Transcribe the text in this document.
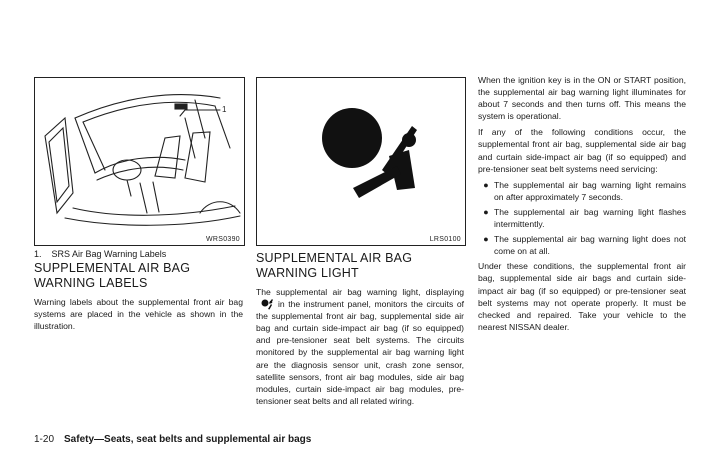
1
WRS0390	LRS0100
1.    SRS Air Bag Warning Labels
SUPPLEMENTAL AIR BAG
WARNING LABELS

Warning labels about the supplemental front air bag systems are placed in the vehicle as shown in the illustration.

SUPPLEMENTAL AIR BAG
WARNING LIGHT

The supplemental air bag warning light, displayingin the instrument panel, monitors the circuits of the supplemental front air bag, supplemental side air bag and curtain side-impact air bag (if so equipped) and pre-tensioner seat belt systems. The circuits monitored by the supplemental air bag warning light are the diagnosis sensor unit, crash zone sensor, satellite sensors, front air bag modules, side air bag modules, curtain side-impact air bag modules, pre-tensioner seat belts and all related wiring.

When the ignition key is in the ON or START position, the supplemental air bag warning light illuminates for about 7 seconds and then turns off. This means the system is operational.

If any of the following conditions occur, the supplemental front air bag, supplemental side air bag and curtain side-impact air bag (if so equipped) and pre-tensioner seat belt systems need servicing:

● The supplemental air bag warning light remains on after approximately 7 seconds.
● The supplemental air bag warning light flashes intermittently.
● The supplemental air bag warning light does not come on at all.

Under these conditions, the supplemental front air bag, supplemental side air bags and curtain side-impact air bag (if so equipped) or pre-tensioner seat belt systems may not operate properly. It must be checked and repaired. Take your vehicle to the nearest NISSAN dealer.

1-20 Safety—Seats, seat belts and supplemental air bags
